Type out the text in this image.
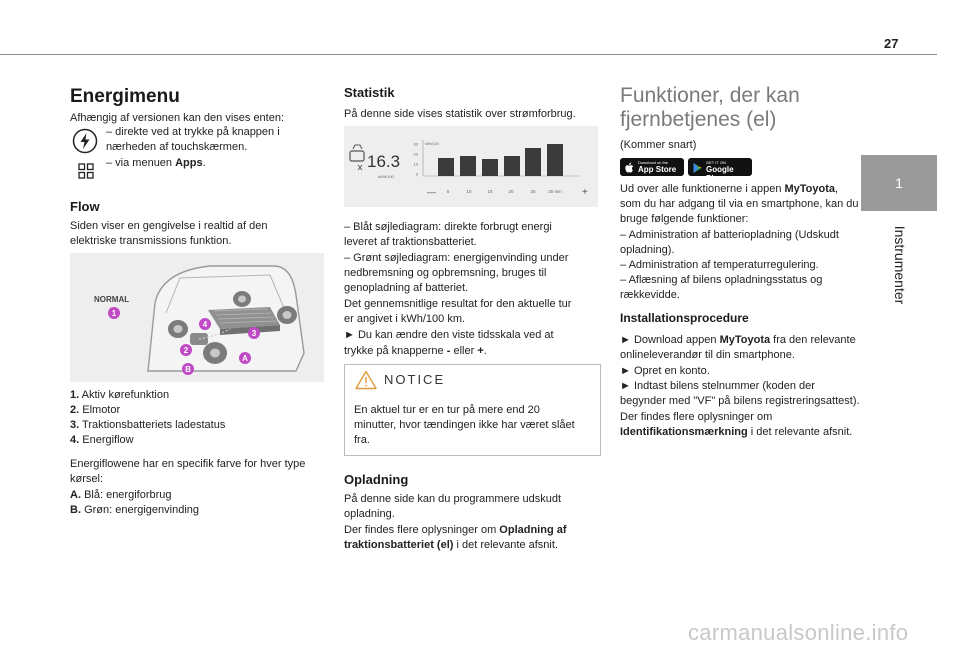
27
1
Instrumenter
Energimenu

Afhængig af versionen kan den vises enten:

– direkte ved at trykke på knappen i

nærheden af touchskærmen.

– via menuen Apps.

Flow

Siden viser en gengivelse i realtid af den

elektriske transmissions funktion.

NORMAL
1
4
3
2
A
B

1. Aktiv kørefunktion

2. Elmotor

3. Traktionsbatteriets ladestatus

4. Energiflow

Energiflowene har en specifik farve for hver type

kørsel:

A. Blå: energiforbrug

B. Grøn: energigenvinding

Statistik

På denne side vises statistik over strømforbrug.

16.3
kWh/100
kWh/100
30
20
10
0
5	10	15	20	25	30 min
—	+

– Blåt søjlediagram: direkte forbrugt energi

leveret af traktionsbatteriet.

– Grønt søjlediagram: energigenvinding under

nedbremsning og opbremsning, bruges til

genopladning af batteriet.

Det gennemsnitlige resultat for den aktuelle tur

er angivet i kWh/100 km.

► Du kan ændre den viste tidsskala ved at

trykke på knapperne - eller +.

NOTICE

En aktuel tur er en tur på mere end 20

minutter, hvor tændingen ikke har været slået

fra.

Opladning

På denne side kan du programmere udskudt

opladning.

Der findes flere oplysninger om Opladning af

traktionsbatteriet (el) i det relevante afsnit.

Funktioner, der kan
fjernbetjenes (el)

(Kommer snart)

Download on the
App Store
GET IT ON
Google Play

Ud over alle funktionerne i appen MyToyota,

som du har adgang til via en smartphone, kan du

bruge følgende funktioner:

– Administration af batteriopladning (Udskudt

opladning).

– Administration af temperaturregulering.

– Aflæsning af bilens opladningsstatus og

rækkevidde.

Installationsprocedure

► Download appen MyToyota fra den relevante

onlineleverandør til din smartphone.

► Opret en konto.

► Indtast bilens stelnummer (koden der

begynder med "VF" på bilens registreringsattest).

Der findes flere oplysninger om

Identifikationsmærkning i det relevante afsnit.

carmanualsonline.info
